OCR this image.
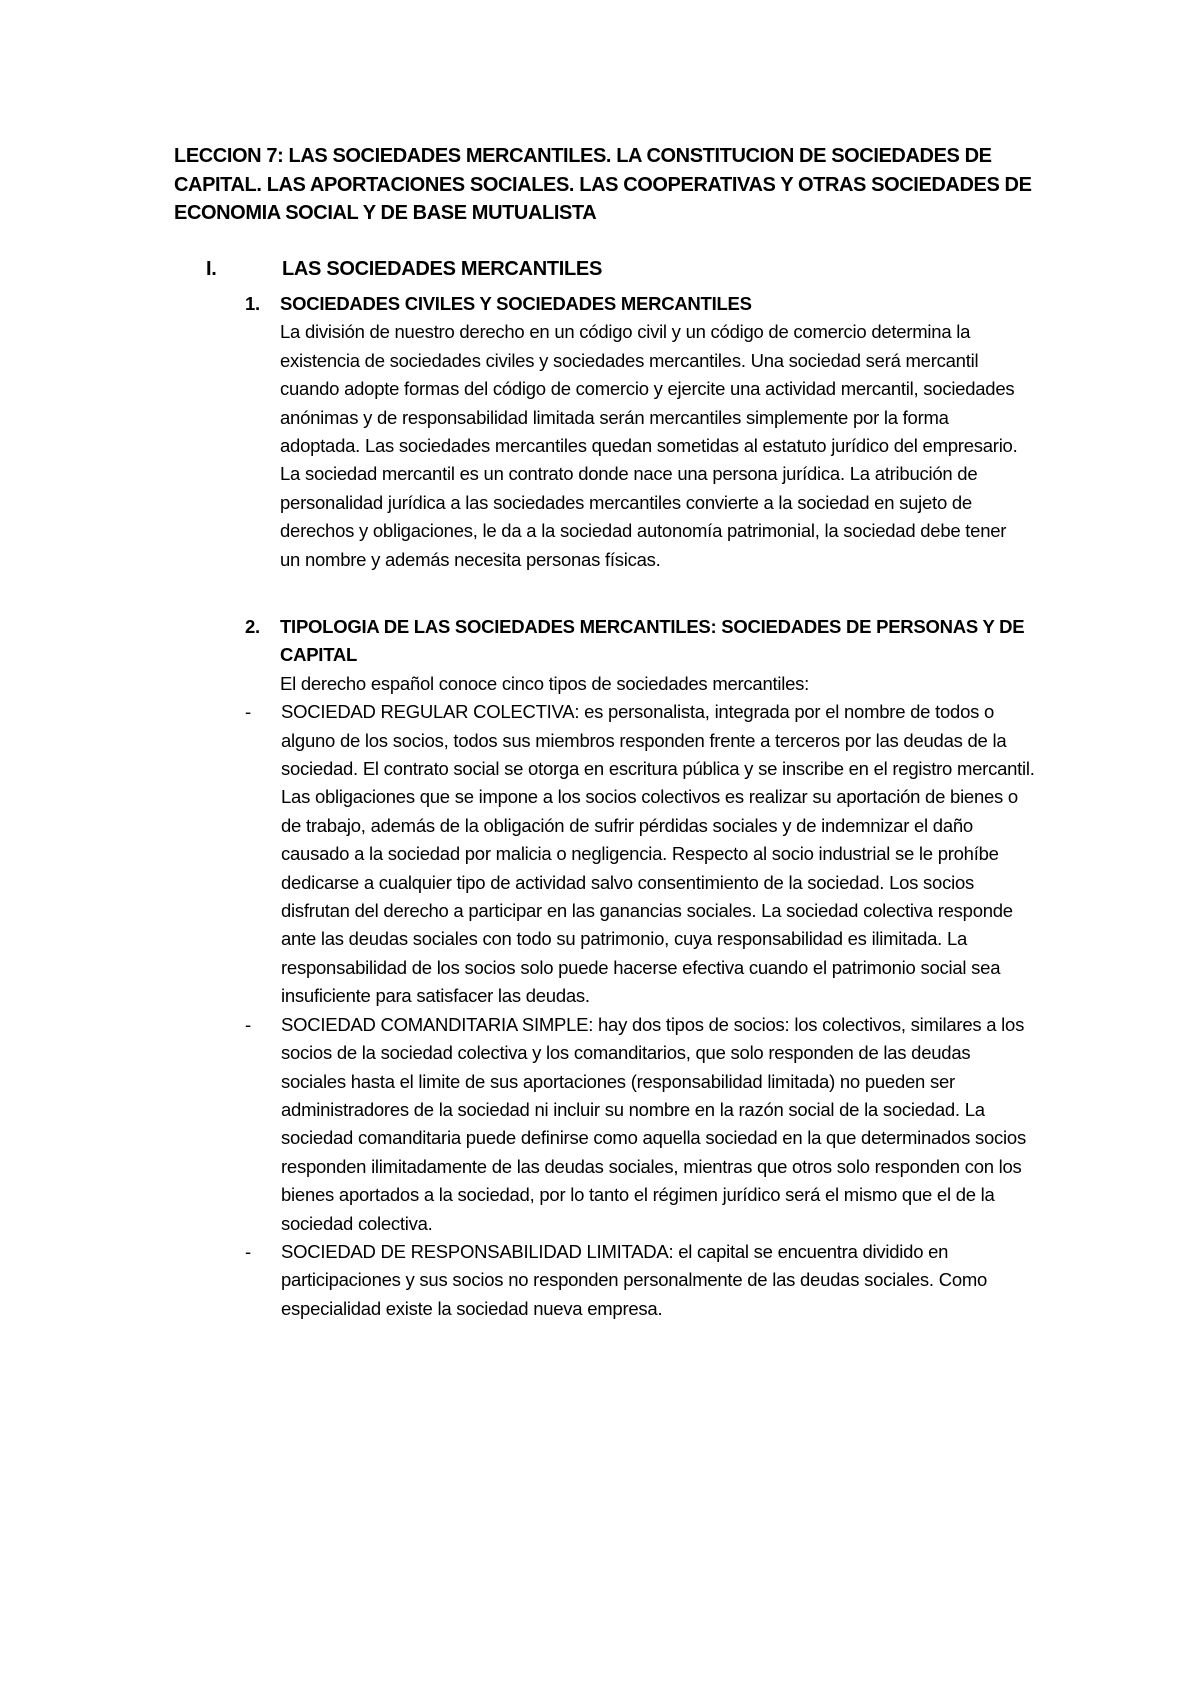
LECCION 7: LAS SOCIEDADES MERCANTILES. LA CONSTITUCION DE SOCIEDADES DE CAPITAL. LAS APORTACIONES SOCIALES. LAS COOPERATIVAS Y OTRAS SOCIEDADES DE ECONOMIA SOCIAL Y DE BASE MUTUALISTA

I.	LAS SOCIEDADES MERCANTILES
1. SOCIEDADES CIVILES Y SOCIEDADES MERCANTILES

La división de nuestro derecho en un código civil y un código de comercio determina la existencia de sociedades civiles y sociedades mercantiles. Una sociedad será mercantil cuando adopte formas del código de comercio y ejercite una actividad mercantil, sociedades anónimas y de responsabilidad limitada serán mercantiles simplemente por la forma adoptada. Las sociedades mercantiles quedan sometidas al estatuto jurídico del empresario. La sociedad mercantil es un contrato donde nace una persona jurídica. La atribución de personalidad jurídica a las sociedades mercantiles convierte a la sociedad en sujeto de derechos y obligaciones, le da a la sociedad autonomía patrimonial, la sociedad debe tener un nombre y además necesita personas físicas.

2. TIPOLOGIA DE LAS SOCIEDADES MERCANTILES: SOCIEDADES DE PERSONAS Y DE CAPITAL

El derecho español conoce cinco tipos de sociedades mercantiles:

- SOCIEDAD REGULAR COLECTIVA: es personalista, integrada por el nombre de todos o alguno de los socios, todos sus miembros responden frente a terceros por las deudas de la sociedad. El contrato social se otorga en escritura pública y se inscribe en el registro mercantil. Las obligaciones que se impone a los socios colectivos es realizar su aportación de bienes o de trabajo, además de la obligación de sufrir pérdidas sociales y de indemnizar el daño causado a la sociedad por malicia o negligencia. Respecto al socio industrial se le prohíbe dedicarse a cualquier tipo de actividad salvo consentimiento de la sociedad. Los socios disfrutan del derecho a participar en las ganancias sociales. La sociedad colectiva responde ante las deudas sociales con todo su patrimonio, cuya responsabilidad es ilimitada. La responsabilidad de los socios solo puede hacerse efectiva cuando el patrimonio social sea insuficiente para satisfacer las deudas.
- SOCIEDAD COMANDITARIA SIMPLE: hay dos tipos de socios: los colectivos, similares a los socios de la sociedad colectiva y los comanditarios, que solo responden de las deudas sociales hasta el limite de sus aportaciones (responsabilidad limitada) no pueden ser administradores de la sociedad ni incluir su nombre en la razón social de la sociedad. La sociedad comanditaria puede definirse como aquella sociedad en la que determinados socios responden ilimitadamente de las deudas sociales, mientras que otros solo responden con los bienes aportados a la sociedad, por lo tanto el régimen jurídico será el mismo que el de la sociedad colectiva.
- SOCIEDAD DE RESPONSABILIDAD LIMITADA: el capital se encuentra dividido en participaciones y sus socios no responden personalmente de las deudas sociales. Como especialidad existe la sociedad nueva empresa.
